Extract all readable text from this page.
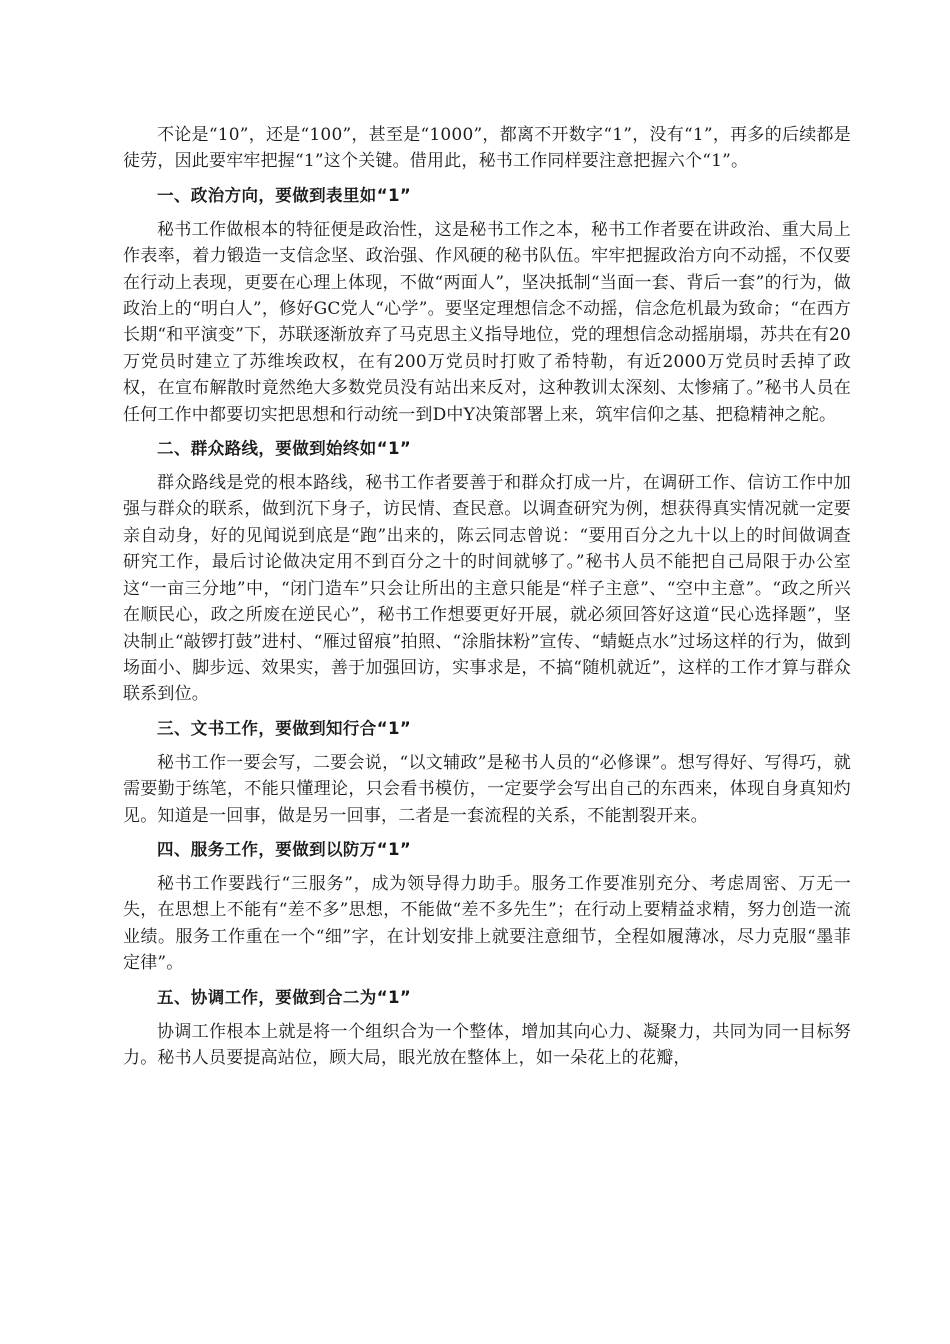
不论是“10”，还是“100”，甚至是“1000”，都离不开数字“1”，没有“1”，再多的后续都是徒劳，因此要牢牢把握“1”这个关键。借用此，秘书工作同样要注意把握六个“1”。

一、政治方向，要做到表里如“1”

秘书工作做根本的特征便是政治性，这是秘书工作之本，秘书工作者要在讲政治、重大局上作表率，着力锻造一支信念坚、政治强、作风硬的秘书队伍。牢牢把握政治方向不动摇，不仅要在行动上表现，更要在心理上体现，不做“两面人”，坚决抵制“当面一套、背后一套”的行为，做政治上的“明白人”，修好GC党人“心学”。要坚定理想信念不动摇，信念危机最为致命；“在西方长期“和平演变”下，苏联逐渐放弃了马克思主义指导地位，党的理想信念动摇崩塌，苏共在有20万党员时建立了苏维埃政权，在有200万党员时打败了希特勒，有近2000万党员时丢掉了政权，在宣布解散时竟然绝大多数党员没有站出来反对，这种教训太深刻、太惨痛了。”秘书人员在任何工作中都要切实把思想和行动统一到D中Y决策部署上来，筑牢信仰之基、把稳精神之舵。

二、群众路线，要做到始终如“1”

群众路线是党的根本路线，秘书工作者要善于和群众打成一片，在调研工作、信访工作中加强与群众的联系，做到沉下身子，访民情、查民意。以调查研究为例，想获得真实情况就一定要亲自动身，好的见闻说到底是“跑”出来的，陈云同志曾说：“要用百分之九十以上的时间做调查研究工作，最后讨论做决定用不到百分之十的时间就够了。”秘书人员不能把自己局限于办公室这“一亩三分地”中，“闭门造车”只会让所出的主意只能是“样子主意”、“空中主意”。“政之所兴在顺民心，政之所废在逆民心”，秘书工作想要更好开展，就必须回答好这道“民心选择题”，坚决制止“敲锣打鼓”进村、“雁过留痕”拍照、“涂脂抹粉”宣传、“蜻蜓点水”过场这样的行为，做到场面小、脚步远、效果实，善于加强回访，实事求是，不搞“随机就近”，这样的工作才算与群众联系到位。

三、文书工作，要做到知行合“1”

秘书工作一要会写，二要会说，“以文辅政”是秘书人员的“必修课”。想写得好、写得巧，就需要勤于练笔，不能只懂理论，只会看书模仿，一定要学会写出自己的东西来，体现自身真知灼见。知道是一回事，做是另一回事，二者是一套流程的关系，不能割裂开来。

四、服务工作，要做到以防万“1”

秘书工作要践行“三服务”，成为领导得力助手。服务工作要准别充分、考虑周密、万无一失，在思想上不能有“差不多”思想，不能做“差不多先生”；在行动上要精益求精，努力创造一流业绩。服务工作重在一个“细”字，在计划安排上就要注意细节，全程如履薄冰，尽力克服“墨菲定律”。

五、协调工作，要做到合二为“1”

协调工作根本上就是将一个组织合为一个整体，增加其向心力、凝聚力，共同为同一目标努力。秘书人员要提高站位，顾大局，眼光放在整体上，如一朵花上的花瓣，
